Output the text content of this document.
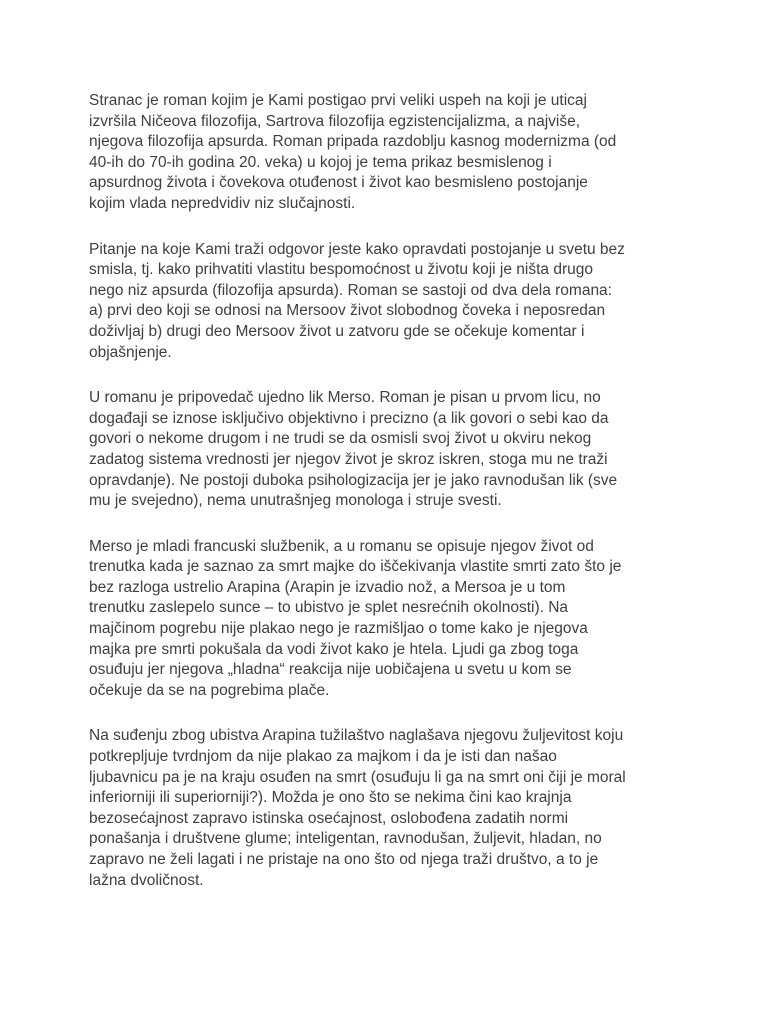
Stranac je roman kojim je Kami postigao prvi veliki uspeh na koji je uticaj
izvršila Ničeova filozofija, Sartrova filozofija egzistencijalizma, a najviše,
njegova filozofija apsurda. Roman pripada razdoblju kasnog modernizma (od
40-ih do 70-ih godina 20. veka) u kojoj je tema prikaz besmislenog i
apsurdnog života i čovekova otuđenost i život kao besmisleno postojanje
kojim vlada nepredvidiv niz slučajnosti.

Pitanje na koje Kami traži odgovor jeste kako opravdati postojanje u svetu bez
smisla, tj. kako prihvatiti vlastitu bespomoćnost u životu koji je ništa drugo
nego niz apsurda (filozofija apsurda). Roman se sastoji od dva dela romana:
a) prvi deo koji se odnosi na Mersoov život slobodnog čoveka i neposredan
doživljaj b) drugi deo Mersoov život u zatvoru gde se očekuje komentar i
objašnjenje.

U romanu je pripovedač ujedno lik Merso. Roman je pisan u prvom licu, no
događaji se iznose isključivo objektivno i precizno (a lik govori o sebi kao da
govori o nekome drugom i ne trudi se da osmisli svoj život u okviru nekog
zadatog sistema vrednosti jer njegov život je skroz iskren, stoga mu ne traži
opravdanje). Ne postoji duboka psihologizacija jer je jako ravnodušan lik (sve
mu je svejedno), nema unutrašnjeg monologa i struje svesti.

Merso je mladi francuski službenik, a u romanu se opisuje njegov život od
trenutka kada je saznao za smrt majke do iščekivanja vlastite smrti zato što je
bez razloga ustrelio Arapina (Arapin je izvadio nož, a Mersoa je u tom
trenutku zaslepelo sunce – to ubistvo je splet nesrećnih okolnosti). Na
majčinom pogrebu nije plakao nego je razmišljao o tome kako je njegova
majka pre smrti pokušala da vodi život kako je htela. Ljudi ga zbog toga
osuđuju jer njegova „hladna“ reakcija nije uobičajena u svetu u kom se
očekuje da se na pogrebima plače.

Na suđenju zbog ubistva Arapina tužilaštvo naglašava njegovu žuljevitost koju
potkrepljuje tvrdnjom da nije plakao za majkom i da je isti dan našao
ljubavnicu pa je na kraju osuđen na smrt (osuđuju li ga na smrt oni čiji je moral
inferiorniji ili superiorniji?). Možda je ono što se nekima čini kao krajnja
bezosećajnost zapravo istinska osećajnost, oslobođena zadatih normi
ponašanja i društvene glume; inteligentan, ravnodušan, žuljevit, hladan, no
zapravo ne želi lagati i ne pristaje na ono što od njega traži društvo, a to je
lažna dvoličnost.
